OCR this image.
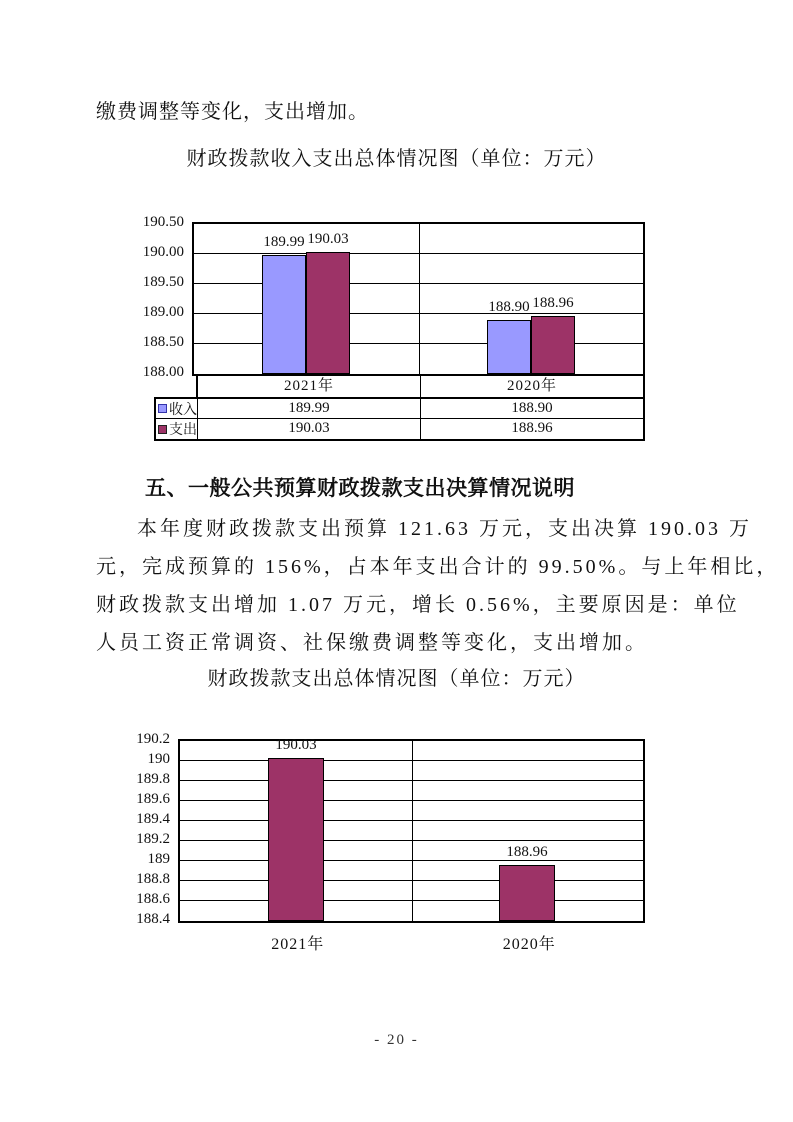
缴费调整等变化，支出增加。
财政拨款收入支出总体情况图（单位：万元）
190.50
190.00
189.50
189.00
188.50
188.00
189.99 190.03
188.90 188.96
2021年	2020年
收入	189.99	188.90
支出	190.03	188.96
五、一般公共预算财政拨款支出决算情况说明
本年度财政拨款支出预算 121.63 万元，支出决算 190.03 万
元，完成预算的 156%，占本年支出合计的 99.50%。与上年相比，
财政拨款支出增加 1.07 万元，增长 0.56%，主要原因是：单位
人员工资正常调资、社保缴费调整等变化，支出增加。
财政拨款支出总体情况图（单位：万元）
190.2
190
189.8
189.6
189.4
189.2
189
188.8
188.6
188.4
190.03
188.96
2021年	2020年
- 20 -
